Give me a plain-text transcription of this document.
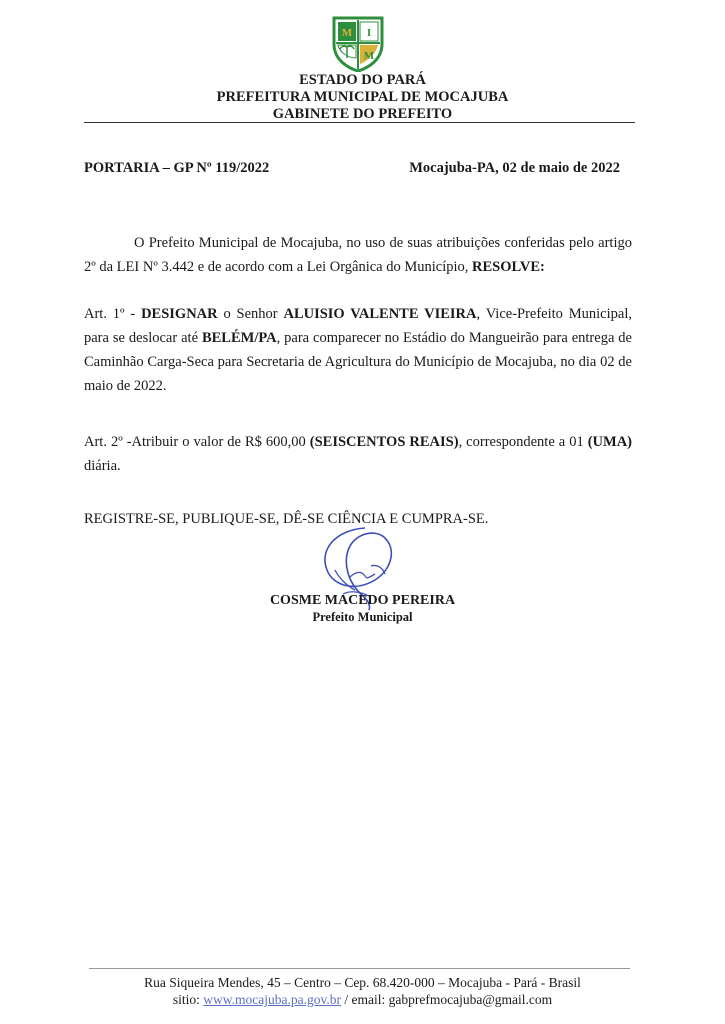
M I
M
ESTADO DO PARÁ
PREFEITURA MUNICIPAL DE MOCAJUBA
GABINETE DO PREFEITO
PORTARIA – GP Nº 119/2022	Mocajuba-PA, 02 de maio de 2022
O Prefeito Municipal de Mocajuba, no uso de suas atribuições conferidas pelo artigo 2º da LEI Nº 3.442 e de acordo com a Lei Orgânica do Município, RESOLVE:
Art. 1º - DESIGNAR o Senhor ALUISIO VALENTE VIEIRA, Vice-Prefeito Municipal, para se deslocar até BELÉM/PA, para comparecer no Estádio do Mangueirão para entrega de Caminhão Carga-Seca para Secretaria de Agricultura do Município de Mocajuba, no dia 02 de maio de 2022.
Art. 2º -Atribuir o valor de R$ 600,00 (SEISCENTOS REAIS), correspondente a 01 (UMA) diária.
REGISTRE-SE, PUBLIQUE-SE, DÊ-SE CIÊNCIA E CUMPRA-SE.
COSME MACEDO PEREIRA
Prefeito Municipal
Rua Siqueira Mendes, 45 – Centro – Cep. 68.420-000 – Mocajuba - Pará - Brasil
sitio: www.mocajuba.pa.gov.br / email: gabprefmocajuba@gmail.com
